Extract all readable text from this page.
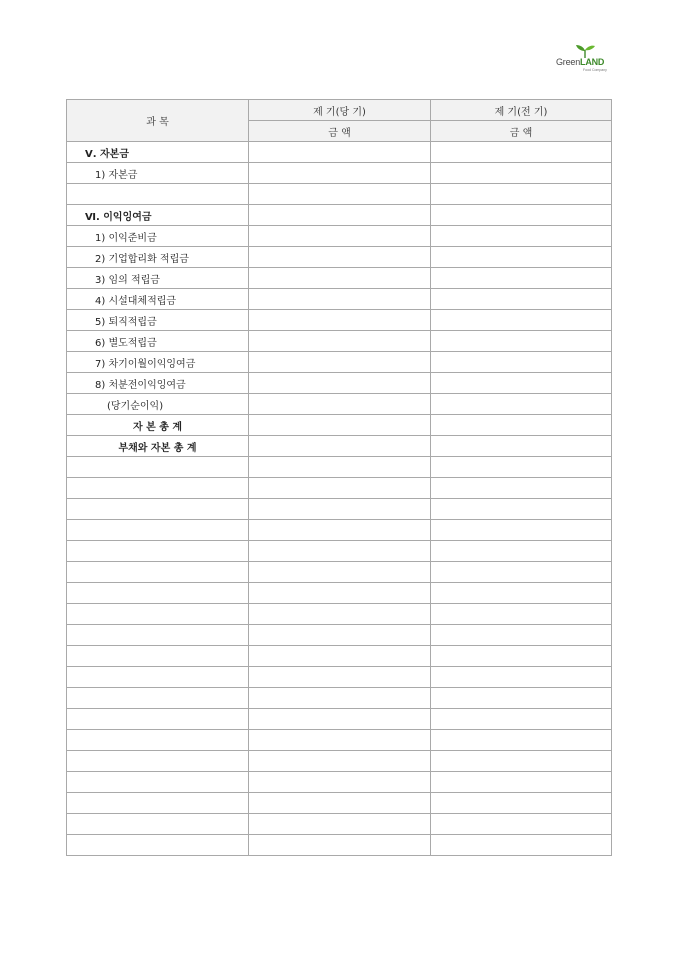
GreenLAND
Food Company
과 목	제 기(당 기)	제 기(전 기)
	금 액	금 액
Ⅴ. 자본금		
1) 자본금		

Ⅵ. 이익잉여금		
1) 이익준비금		
2) 기업합리화 적립금		
3) 임의 적립금		
4) 시설대체적립금		
5) 퇴직적립금		
6) 별도적립금		
7) 차기이월이익잉여금		
8) 처분전이익잉여금		
(당기순이익)		
자 본 총 계		
부채와 자본 총 계		
